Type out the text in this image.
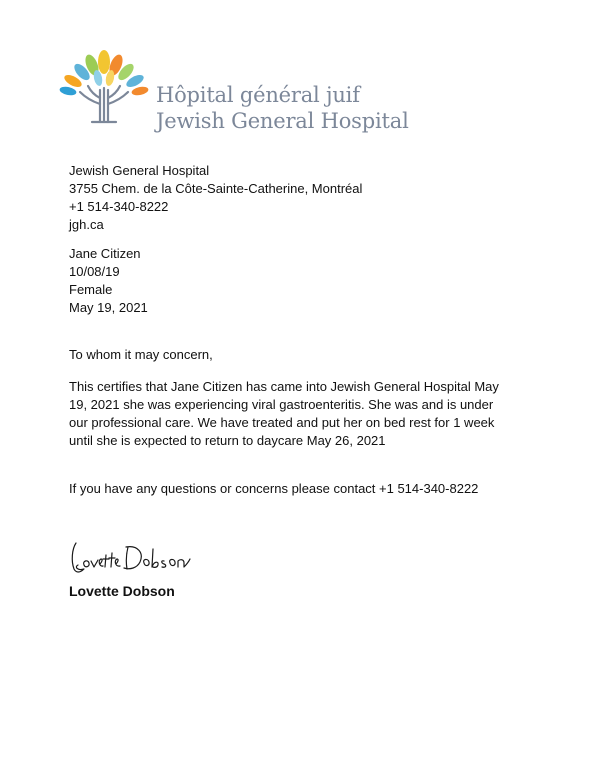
Hôpital général juif
Jewish General Hospital
Jewish General Hospital
3755 Chem. de la Côte-Sainte-Catherine, Montréal
+1 514-340-8222
jgh.ca
Jane Citizen
10/08/19
Female
May 19, 2021
To whom it may concern,
This certifies that Jane Citizen has came into Jewish General Hospital May 19, 2021 she was experiencing viral gastroenteritis. She was and is under our professional care. We have treated and put her on bed rest for 1 week until she is expected to return to daycare May 26, 2021
If you have any questions or concerns please contact +1 514-340-8222
Lovette Dobson
